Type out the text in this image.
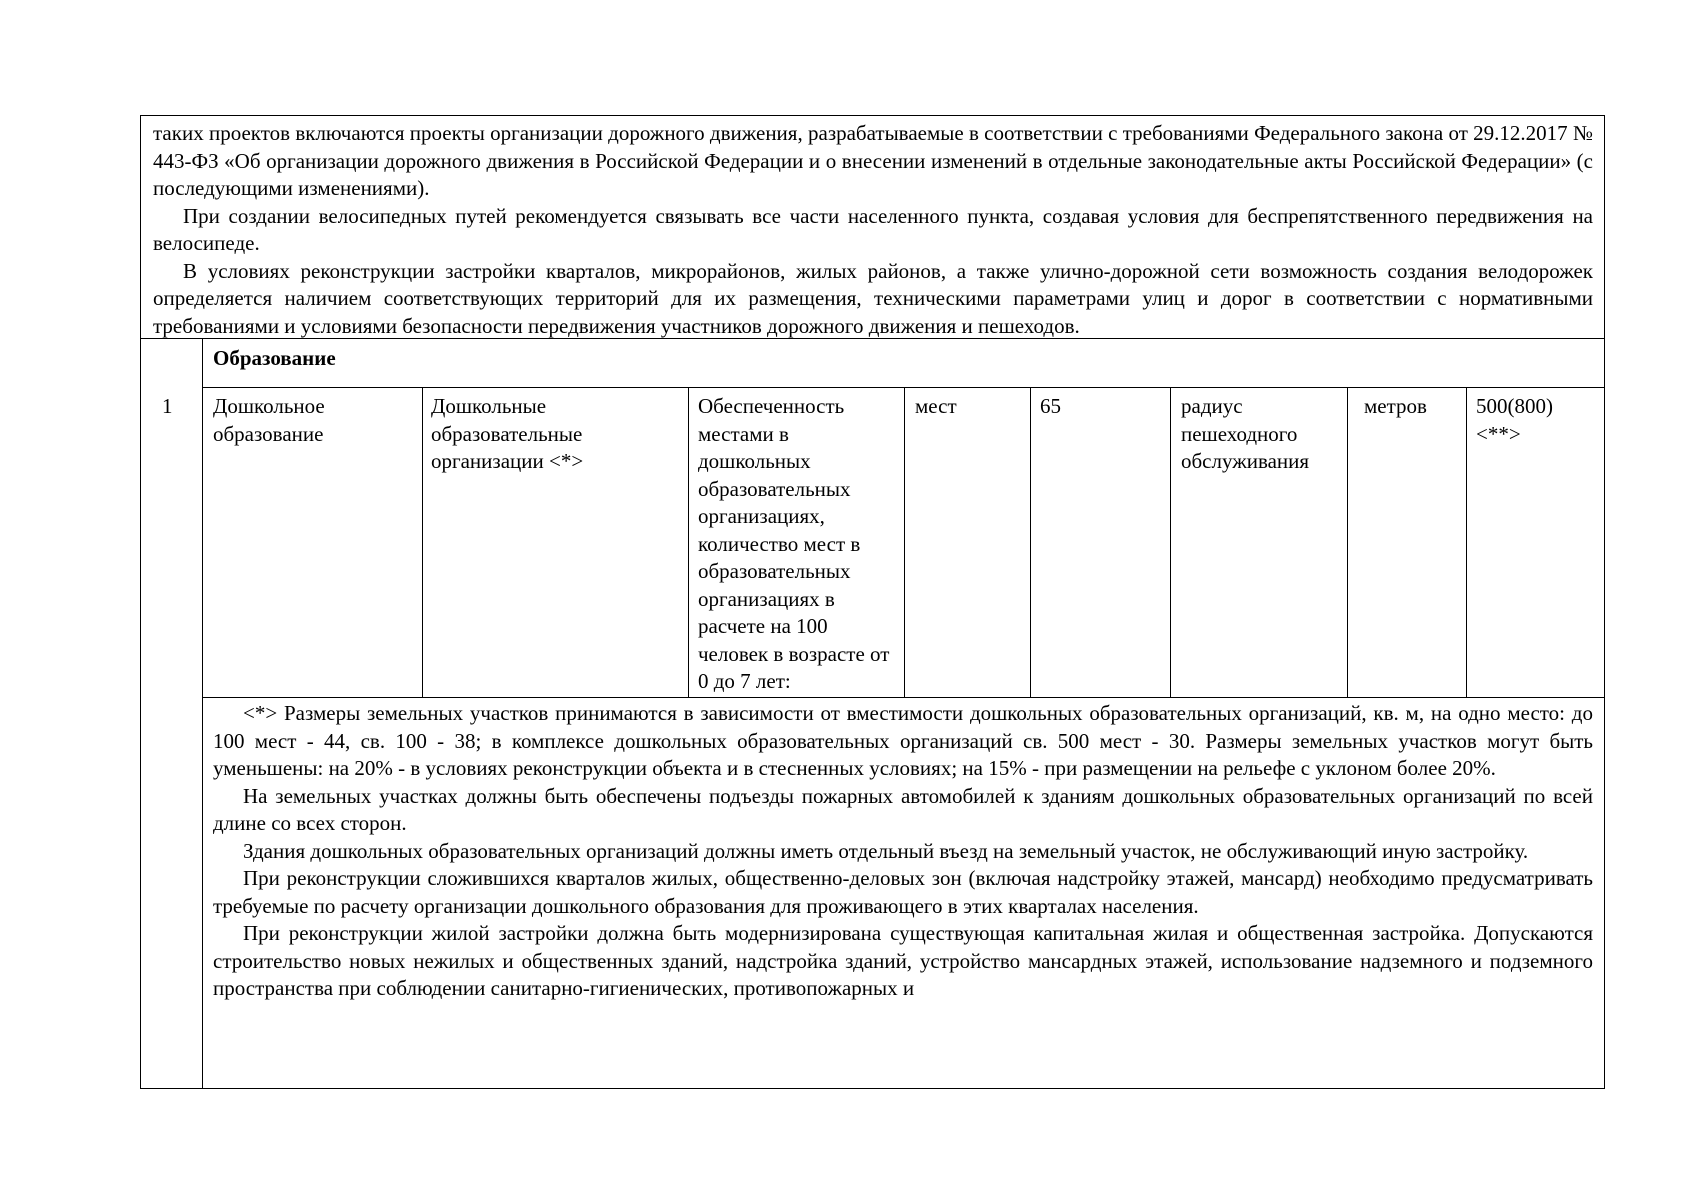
таких проектов включаются проекты организации дорожного движения, разрабатываемые в соответствии с требованиями Федерального закона от 29.12.2017 № 443-ФЗ «Об организации дорожного движения в Российской Федерации и о внесении изменений в отдельные законодательные акты Российской Федерации» (с последующими изменениями).

При создании велосипедных путей рекомендуется связывать все части населенного пункта, создавая условия для беспрепятственного передвижения на велосипеде.

В условиях реконструкции застройки кварталов, микрорайонов, жилых районов, а также улично-дорожной сети возможность создания велодорожек определяется наличием соответствующих территорий для их размещения, техническими параметрами улиц и дорог в соответствии с нормативными требованиями и условиями безопасности передвижения участников дорожного движения и пешеходов.

Образование
1 Дошкольное образование
Дошкольные образовательные организации <*>
Обеспеченность местами в дошкольных образовательных организациях, количество мест в образовательных организациях в расчете на 100 человек в возрасте от 0 до 7 лет:
мест	65	радиус пешеходного обслуживания
метров 500(800) <**>

<*> Размеры земельных участков принимаются в зависимости от вместимости дошкольных образовательных организаций, кв. м, на одно место: до 100 мест - 44, св. 100 - 38; в комплексе дошкольных образовательных организаций св. 500 мест - 30. Размеры земельных участков могут быть уменьшены: на 20% - в условиях реконструкции объекта и в стесненных условиях; на 15% - при размещении на рельефе с уклоном более 20%.

На земельных участках должны быть обеспечены подъезды пожарных автомобилей к зданиям дошкольных образовательных организаций по всей длине со всех сторон.

Здания дошкольных образовательных организаций должны иметь отдельный въезд на земельный участок, не обслуживающий иную застройку.

При реконструкции сложившихся кварталов жилых, общественно-деловых зон (включая надстройку этажей, мансард) необходимо предусматривать требуемые по расчету организации дошкольного образования для проживающего в этих кварталах населения.

При реконструкции жилой застройки должна быть модернизирована существующая капитальная жилая и общественная застройка. Допускаются строительство новых нежилых и общественных зданий, надстройка зданий, устройство мансардных этажей, использование надземного и подземного пространства при соблюдении санитарно-гигиенических, противопожарных и
